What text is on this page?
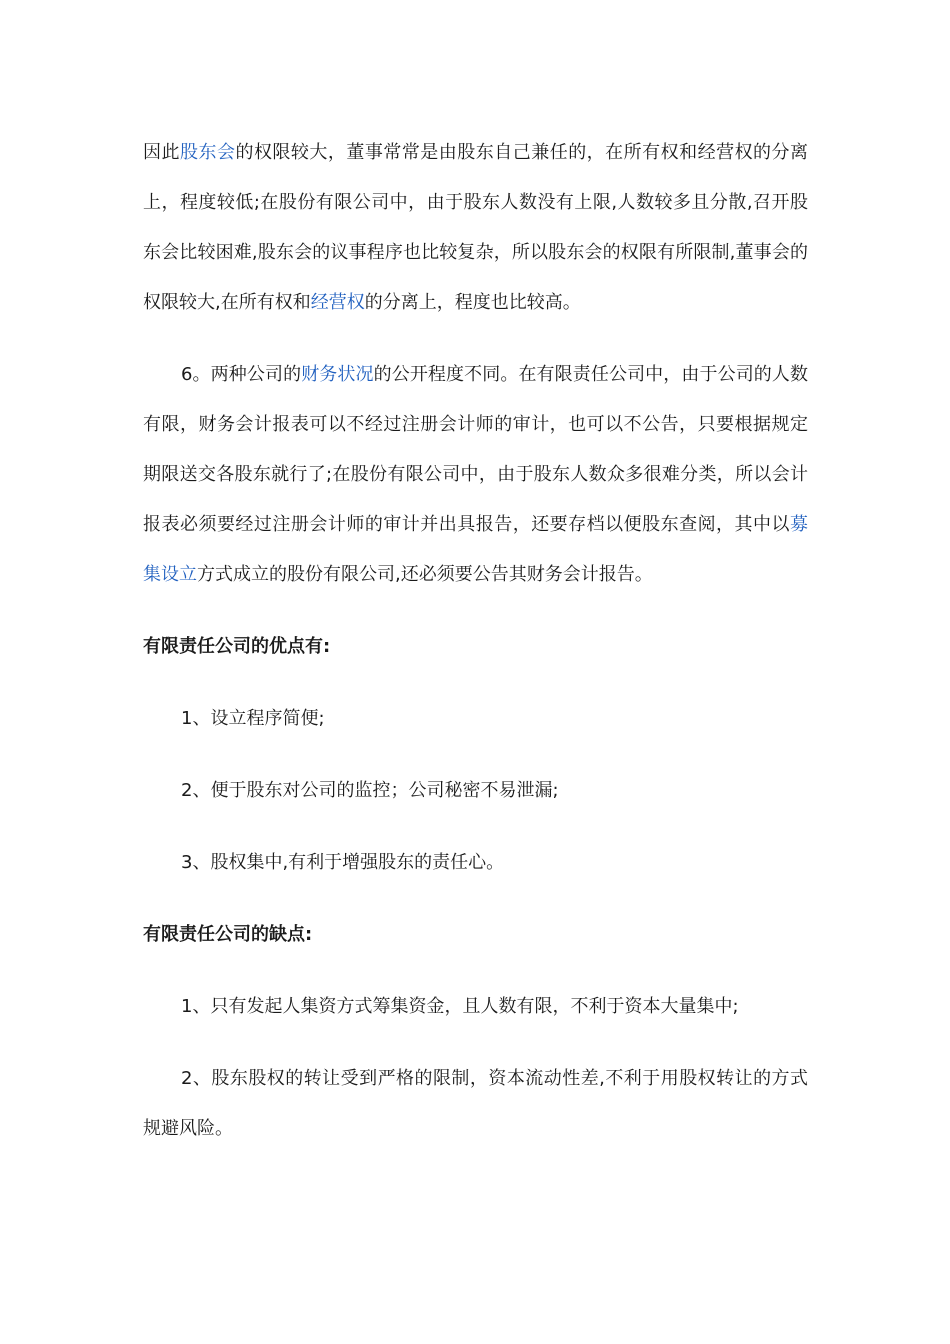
因此股东会的权限较大，董事常常是由股东自己兼任的，在所有权和经营权的分离上，程度较低;在股份有限公司中，由于股东人数没有上限,人数较多且分散,召开股东会比较困难,股东会的议事程序也比较复杂，所以股东会的权限有所限制,董事会的权限较大,在所有权和经营权的分离上，程度也比较高。

6。两种公司的财务状况的公开程度不同。在有限责任公司中，由于公司的人数有限，财务会计报表可以不经过注册会计师的审计，也可以不公告，只要根据规定期限送交各股东就行了;在股份有限公司中，由于股东人数众多很难分类，所以会计报表必须要经过注册会计师的审计并出具报告，还要存档以便股东查阅，其中以募集设立方式成立的股份有限公司,还必须要公告其财务会计报告。

有限责任公司的优点有:
1、设立程序简便;
2、便于股东对公司的监控；公司秘密不易泄漏;
3、股权集中,有利于增强股东的责任心。
有限责任公司的缺点:
1、只有发起人集资方式筹集资金，且人数有限，不利于资本大量集中;
2、股东股权的转让受到严格的限制，资本流动性差,不利于用股权转让的方式规避风险。
